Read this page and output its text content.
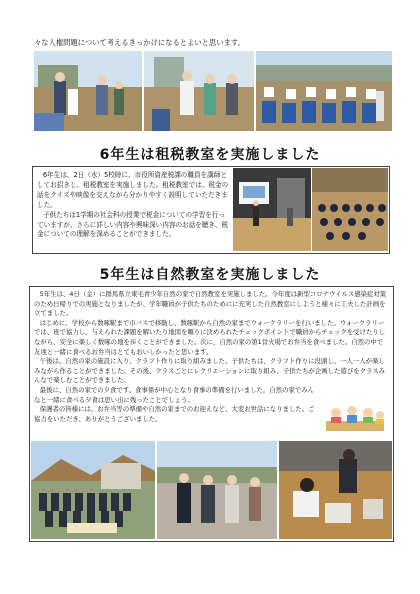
々な人権問題について考えるきっかけになるとよいと思います。
6年生は租税教室を実施しました

6年生は、2日（水）5校時に、市役所資産税課の職員を講師としてお招きし、租税教室を実施しました。租税教室では、税金の話をクイズや映像を交えながら分かりやすく説明していただきました。

子供たちは1学期の社会科の授業で税金についての学習を行っていますが、さらに詳しい内容や興味深い内容のお話を聴き、税金についての理解を深めることができました。

5年生は自然教室を実施しました

5年生は、4日（金）に群馬県立東毛青少年自然の家で自然教室を実施しました。今年度は新型コロナウイルス感染症対策のため日帰りでの実施となりましたが、学年職員が子供たちのためにに充実した自然教室にしようと様々に工夫した計画を立てました。

はじめに、学校から数啄駅まで市バスで移動し、数啄駅から自然の家までウォークラリーを行いました。ウォークラリーでは、班で協力し、与えられた課題を解いたり地図を頼りに決められたチェックポイントで職員からチェックを受けたりしながら、安全に楽しく数啄の地を歩くことができました。次に、自然の家の第1営火場でお弁当を食べました。自然の中で友達と一緒に食べるお弁当はとてもおいしかったと思います。

午後は、自然の家の施設に入り、クラフト作りに取り組みました。子供たちは、クラフト作りに没頭し、一人一人が楽しみながら作ることができました。その後、クラスごとにレクリエーションに取り組み、子供たちが企画した遊びをクラスみんなで楽しむことができました。

最後に、自然の家での夕食です。食事係が中心となり食事の準備を行いました。自然の家でみんなと一緒に食べる夕食は思い出に残ったことでしょう。

保護者の皆様には、お弁当等の準備や自然の家までのお迎えなど、大変お世話になりました。ご協力をいただき、ありがとうございました。
